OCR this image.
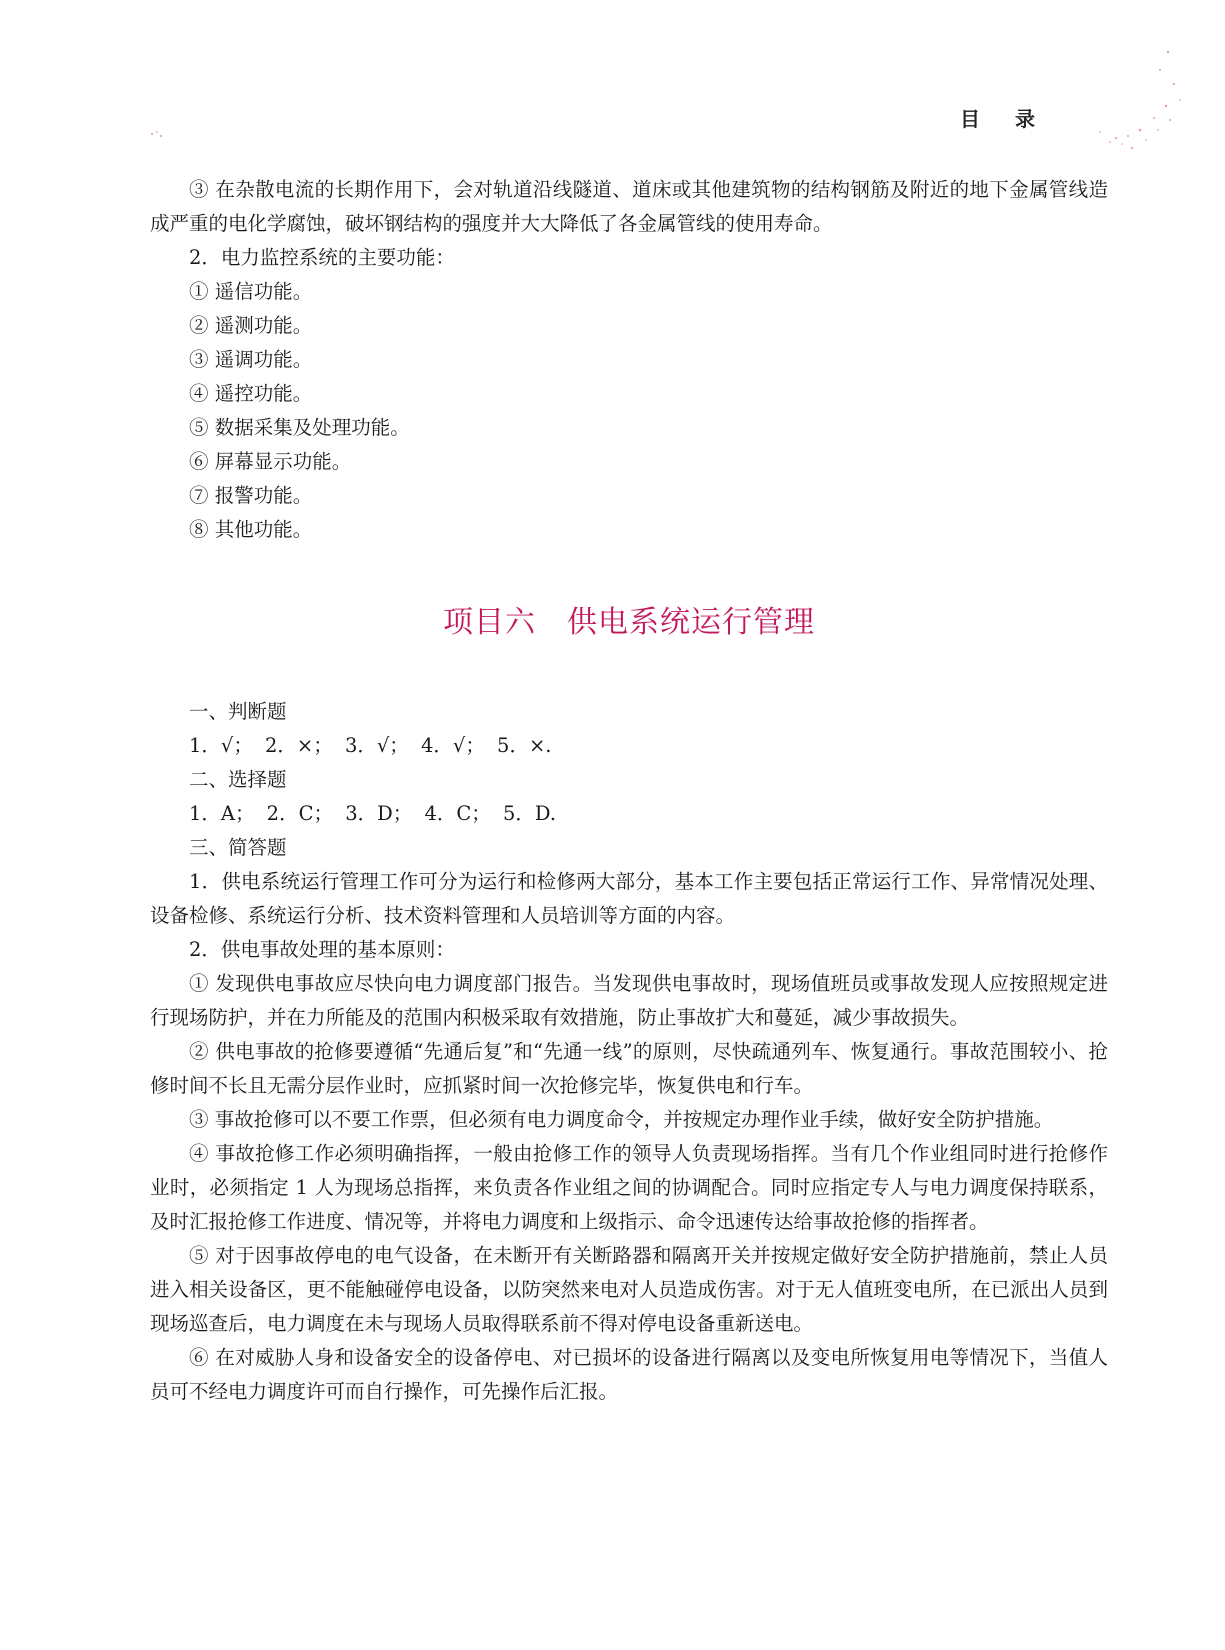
目 录

③ 在杂散电流的长期作用下，会对轨道沿线隧道、道床或其他建筑物的结构钢筋及附近的地下金属管线造成严重的电化学腐蚀，破坏钢结构的强度并大大降低了各金属管线的使用寿命。

2．电力监控系统的主要功能：

① 遥信功能。

② 遥测功能。

③ 遥调功能。

④ 遥控功能。

⑤ 数据采集及处理功能。

⑥ 屏幕显示功能。

⑦ 报警功能。

⑧ 其他功能。

项目六　供电系统运行管理

一、判断题

1．√； 2．×； 3．√； 4．√； 5．×.

二、选择题

1．A； 2．C； 3．D； 4．C； 5．D.

三、简答题

1．供电系统运行管理工作可分为运行和检修两大部分，基本工作主要包括正常运行工作、异常情况处理、设备检修、系统运行分析、技术资料管理和人员培训等方面的内容。

2．供电事故处理的基本原则：

① 发现供电事故应尽快向电力调度部门报告。当发现供电事故时，现场值班员或事故发现人应按照规定进行现场防护，并在力所能及的范围内积极采取有效措施，防止事故扩大和蔓延，减少事故损失。

② 供电事故的抢修要遵循“先通后复”和“先通一线”的原则，尽快疏通列车、恢复通行。事故范围较小、抢修时间不长且无需分层作业时，应抓紧时间一次抢修完毕，恢复供电和行车。

③ 事故抢修可以不要工作票，但必须有电力调度命令，并按规定办理作业手续，做好安全防护措施。

④ 事故抢修工作必须明确指挥，一般由抢修工作的领导人负责现场指挥。当有几个作业组同时进行抢修作业时，必须指定 1 人为现场总指挥，来负责各作业组之间的协调配合。同时应指定专人与电力调度保持联系，及时汇报抢修工作进度、情况等，并将电力调度和上级指示、命令迅速传达给事故抢修的指挥者。

⑤ 对于因事故停电的电气设备，在未断开有关断路器和隔离开关并按规定做好安全防护措施前，禁止人员进入相关设备区，更不能触碰停电设备，以防突然来电对人员造成伤害。对于无人值班变电所，在已派出人员到现场巡查后，电力调度在未与现场人员取得联系前不得对停电设备重新送电。

⑥ 在对威胁人身和设备安全的设备停电、对已损坏的设备进行隔离以及变电所恢复用电等情况下，当值人员可不经电力调度许可而自行操作，可先操作后汇报。
